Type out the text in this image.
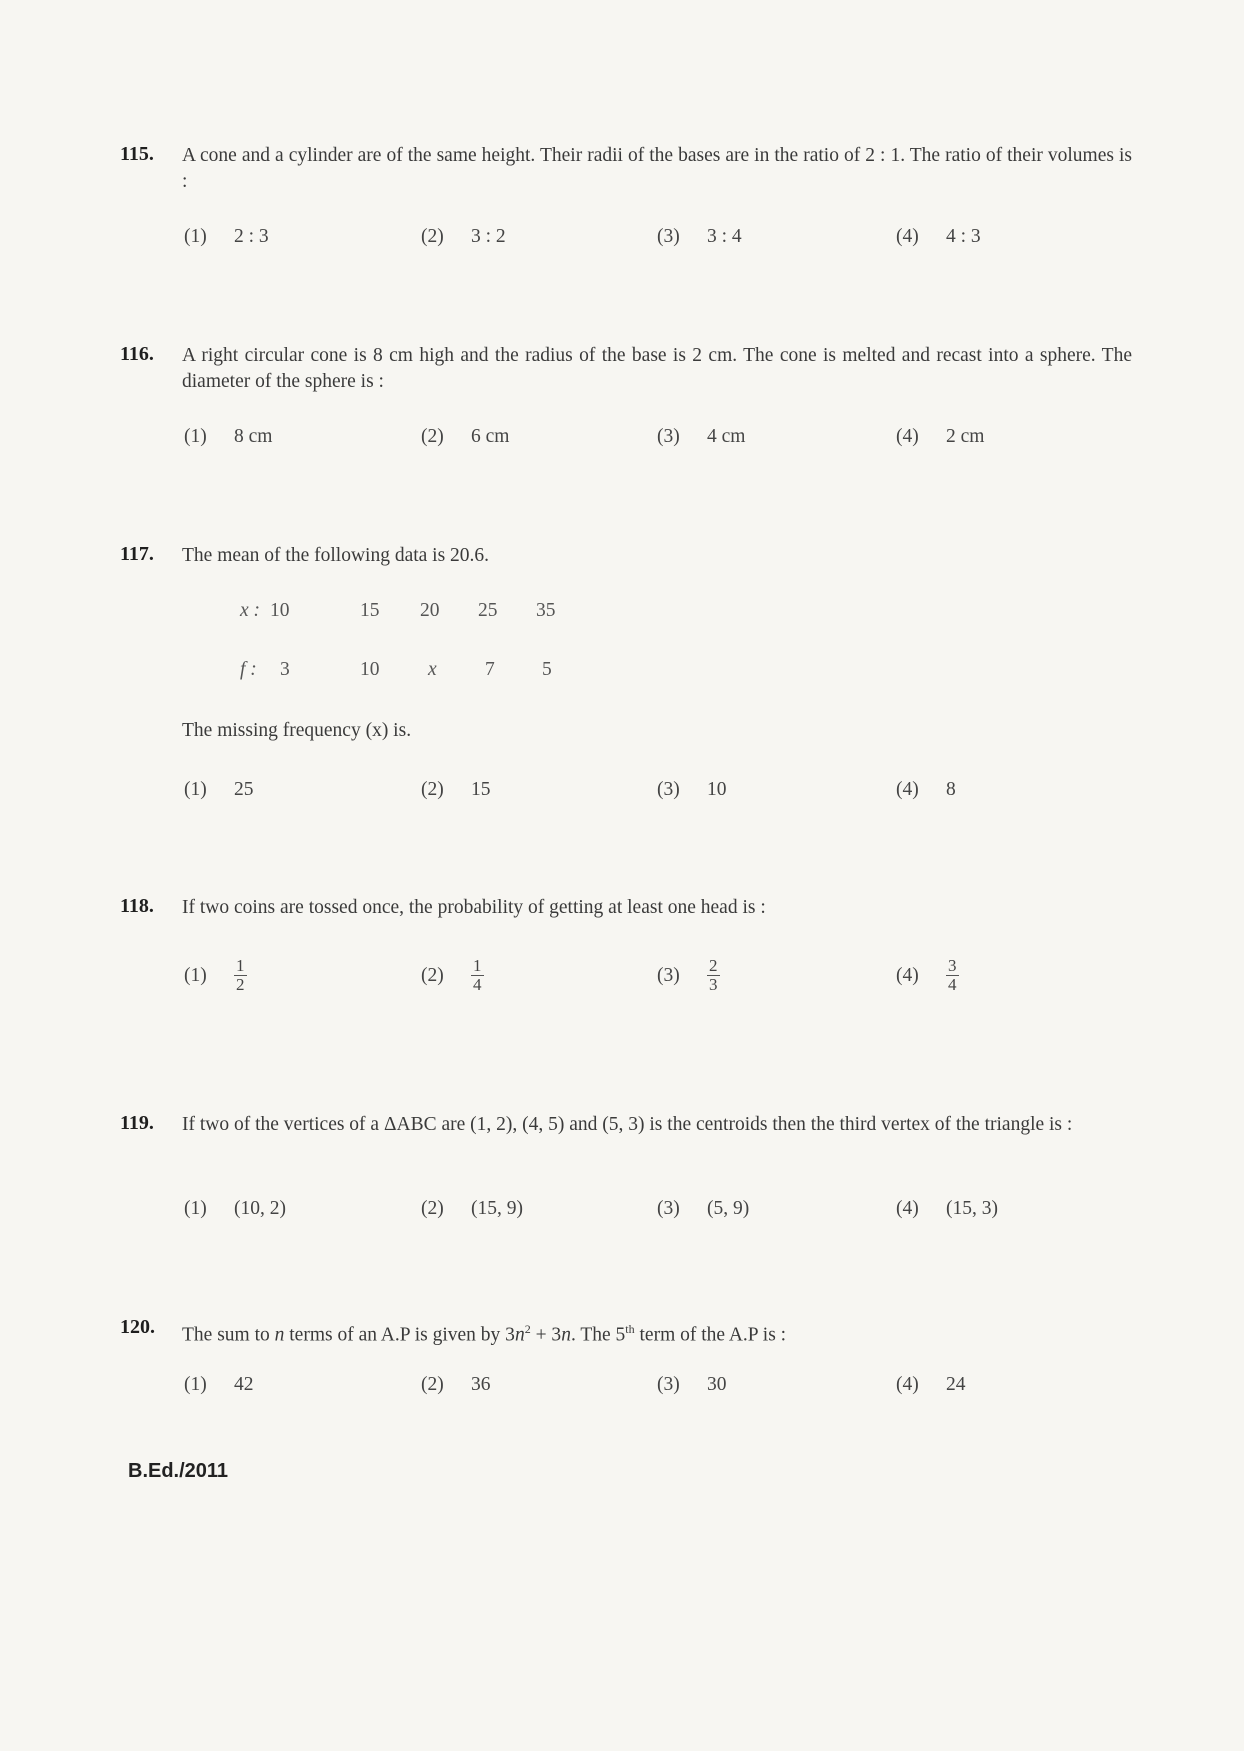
115. A cone and a cylinder are of the same height. Their radii of the bases are in the ratio of 2 : 1. The ratio of their volumes is :
(1) 2 : 3	(2) 3 : 2	(3) 3 : 4	(4) 4 : 3
116. A right circular cone is 8 cm high and the radius of the base is 2 cm. The cone is melted and recast into a sphere. The diameter of the sphere is :
(1) 8 cm	(2) 6 cm	(3) 4 cm	(4) 2 cm
117. The mean of the following data is 20.6.
x : 10	15 20 25 35
f : 3	10 x 7 5
The missing frequency (x) is.
(1) 25	(2) 15	(3) 10	(4) 8
118. If two coins are tossed once, the probability of getting at least one head is :
$(1) \frac{1}{2}$	$(2) \frac{1}{4}$	$(3) \frac{2}{3}$	$(4) \frac{3}{4}$
119. If two of the vertices of a ΔABC are (1, 2), (4, 5) and (5, 3) is the centroids then the third vertex of the triangle is :
(1) (10, 2)	(2) (15, 9)	(3) (5, 9)	(4) (15, 3)
120. The sum to n terms of an A.P is given by $3n^2 + 3n$. The 5th term of the A.P is :
(1) 42	(2) 36	(3) 30	(4) 24
B.Ed./2011
